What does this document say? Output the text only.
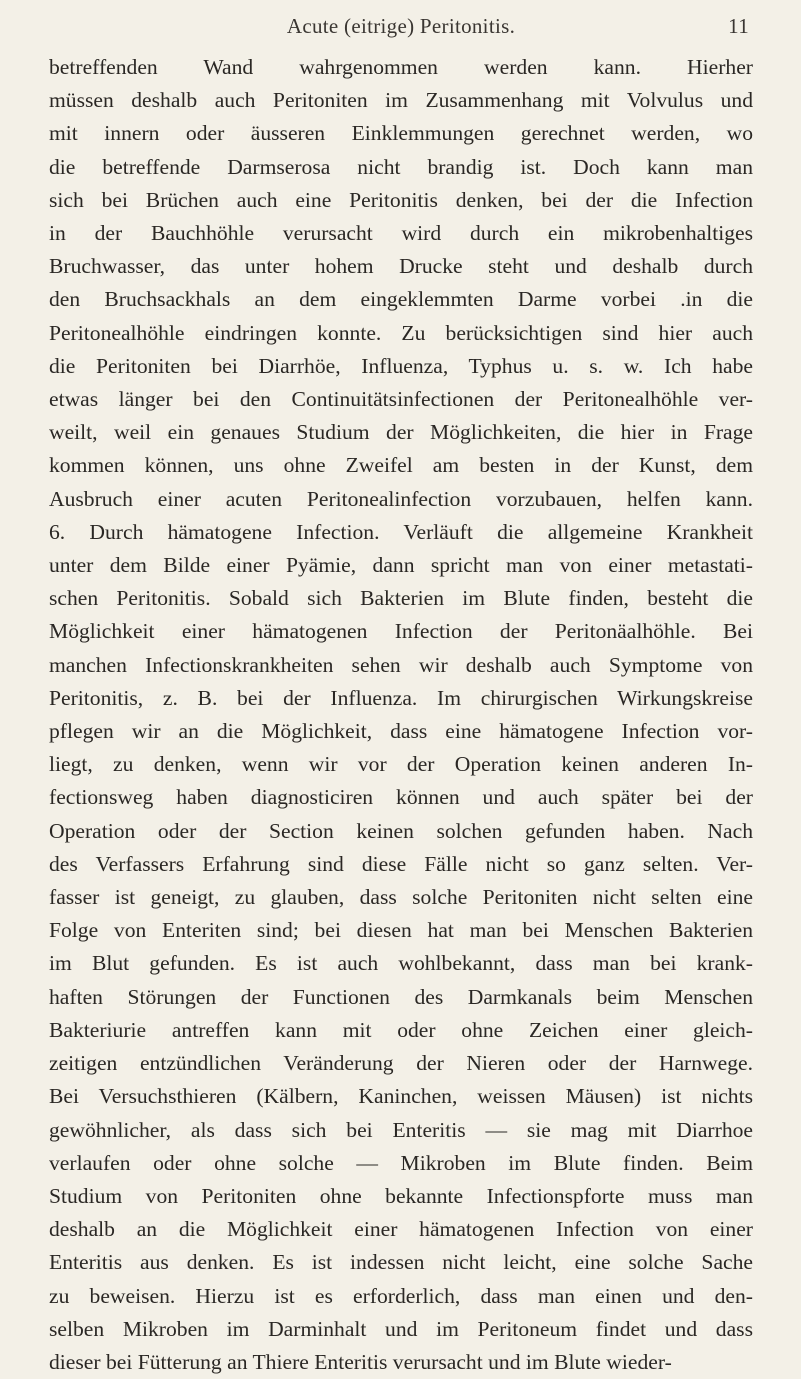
Acute (eitrige) Peritonitis.	11
betreffenden Wand wahrgenommen werden kann. Hierher
müssen deshalb auch Peritoniten im Zusammenhang mit Volvulus und
mit innern oder äusseren Einklemmungen gerechnet werden, wo
die betreffende Darmserosa nicht brandig ist. Doch kann man
sich bei Brüchen auch eine Peritonitis denken, bei der die Infection
in der Bauchhöhle verursacht wird durch ein mikrobenhaltiges
Bruchwasser, das unter hohem Drucke steht und deshalb durch
den Bruchsackhals an dem eingeklemmten Darme vorbei .in die
Peritonealhöhle eindringen konnte. Zu berücksichtigen sind hier auch
die Peritoniten bei Diarrhöe, Influenza, Typhus u. s. w. Ich habe
etwas länger bei den Continuitätsinfectionen der Peritonealhöhle ver-
weilt, weil ein genaues Studium der Möglichkeiten, die hier in Frage
kommen können, uns ohne Zweifel am besten in der Kunst, dem
Ausbruch einer acuten Peritonealinfection vorzubauen, helfen kann.
6. Durch hämatogene Infection. Verläuft die allgemeine Krankheit
unter dem Bilde einer Pyämie, dann spricht man von einer metastati-
schen Peritonitis. Sobald sich Bakterien im Blute finden, besteht die
Möglichkeit einer hämatogenen Infection der Peritonäalhöhle. Bei
manchen Infectionskrankheiten sehen wir deshalb auch Symptome von
Peritonitis, z. B. bei der Influenza. Im chirurgischen Wirkungskreise
pflegen wir an die Möglichkeit, dass eine hämatogene Infection vor-
liegt, zu denken, wenn wir vor der Operation keinen anderen In-
fectionsweg haben diagnosticiren können und auch später bei der
Operation oder der Section keinen solchen gefunden haben. Nach
des Verfassers Erfahrung sind diese Fälle nicht so ganz selten. Ver-
fasser ist geneigt, zu glauben, dass solche Peritoniten nicht selten eine
Folge von Enteriten sind; bei diesen hat man bei Menschen Bakterien
im Blut gefunden. Es ist auch wohlbekannt, dass man bei krank-
haften Störungen der Functionen des Darmkanals beim Menschen
Bakteriurie antreffen kann mit oder ohne Zeichen einer gleich-
zeitigen entzündlichen Veränderung der Nieren oder der Harnwege.
Bei Versuchsthieren (Kälbern, Kaninchen, weissen Mäusen) ist nichts
gewöhnlicher, als dass sich bei Enteritis — sie mag mit Diarrhoe
verlaufen oder ohne solche — Mikroben im Blute finden. Beim
Studium von Peritoniten ohne bekannte Infectionspforte muss man
deshalb an die Möglichkeit einer hämatogenen Infection von einer
Enteritis aus denken. Es ist indessen nicht leicht, eine solche Sache
zu beweisen. Hierzu ist es erforderlich, dass man einen und den-
selben Mikroben im Darminhalt und im Peritoneum findet und dass
dieser bei Fütterung an Thiere Enteritis verursacht und im Blute wieder-
